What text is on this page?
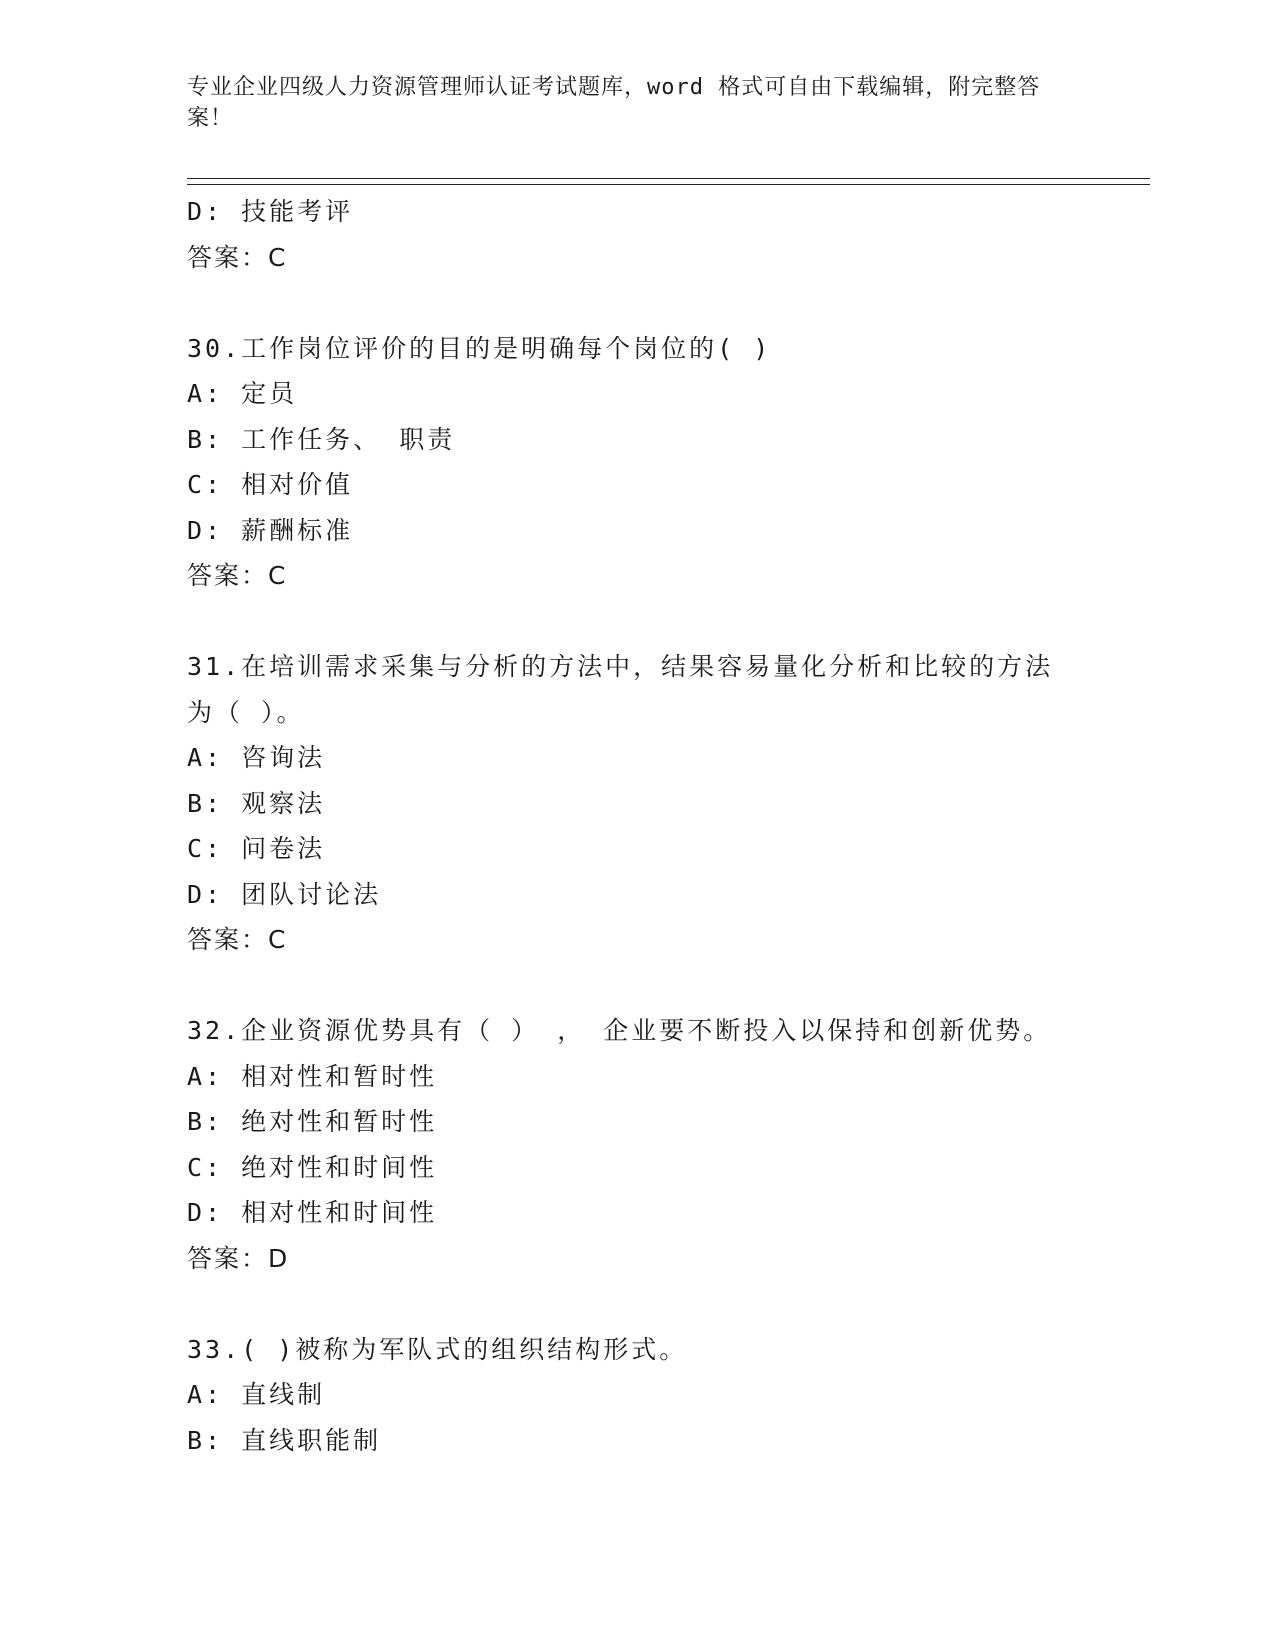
专业企业四级人力资源管理师认证考试题库，word 格式可自由下载编辑，附完整答案！

D: 技能考评
答案：C
30.工作岗位评价的目的是明确每个岗位的( )
A: 定员
B: 工作任务、 职责
C: 相对价值
D: 薪酬标准
答案：C
31.在培训需求采集与分析的方法中，结果容易量化分析和比较的方法
为（ ）。
A: 咨询法
B: 观察法
C: 问卷法
D: 团队讨论法
答案：C
32.企业资源优势具有（ ） ， 企业要不断投入以保持和创新优势。
A: 相对性和暂时性
B: 绝对性和暂时性
C: 绝对性和时间性
D: 相对性和时间性
答案：D
33.( )被称为军队式的组织结构形式。
A: 直线制
B: 直线职能制
